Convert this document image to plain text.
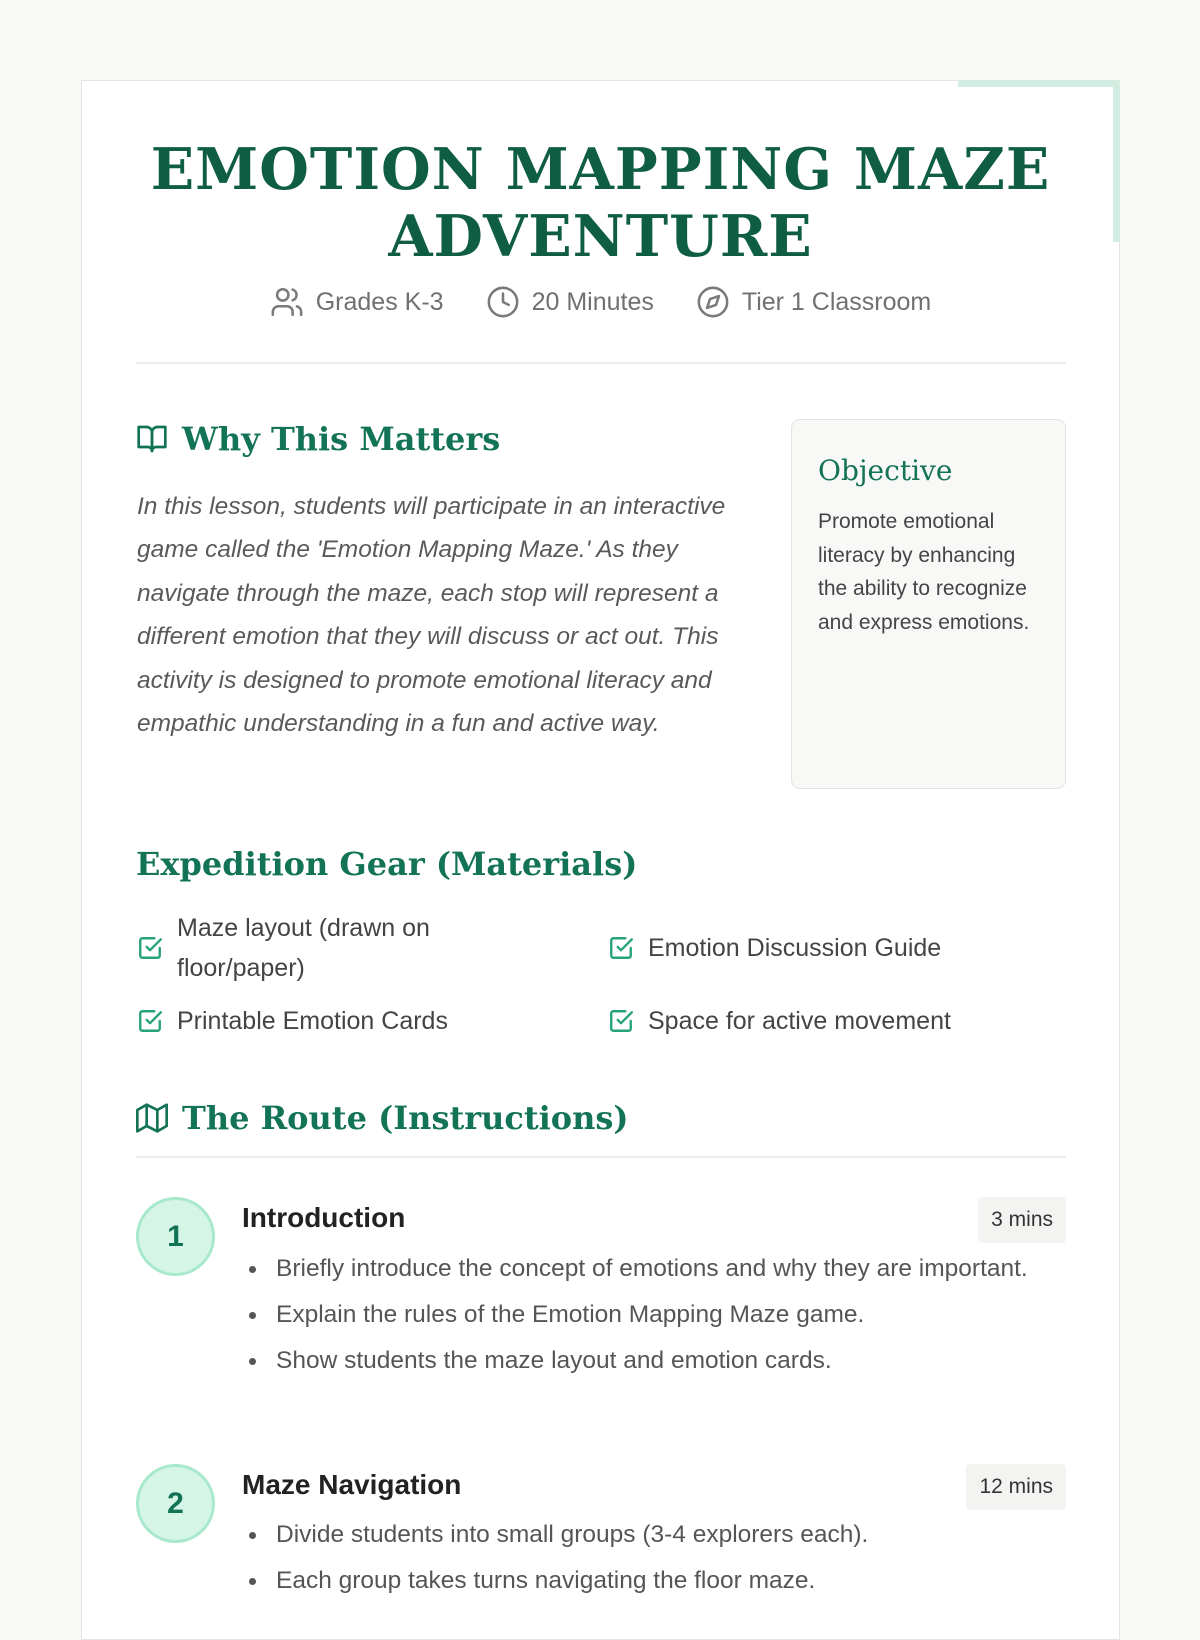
EMOTION MAPPING MAZE
ADVENTURE
Grades K-3	20 Minutes	Tier 1 Classroom
Why This Matters

In this lesson, students will participate in an interactive game called the 'Emotion Mapping Maze.' As they navigate through the maze, each stop will represent a different emotion that they will discuss or act out. This activity is designed to promote emotional literacy and empathic understanding in a fun and active way.

Objective

Promote emotional literacy by enhancing the ability to recognize and express emotions.

Expedition Gear (Materials)
Maze layout (drawn on floor/paper)
Emotion Discussion Guide
Printable Emotion Cards	Space for active movement
The Route (Instructions)
1
Introduction	3 mins
Briefly introduce the concept of emotions and why they are important.
Explain the rules of the Emotion Mapping Maze game.
Show students the maze layout and emotion cards.
2
Maze Navigation	12 mins
Divide students into small groups (3-4 explorers each).
Each group takes turns navigating the floor maze.
